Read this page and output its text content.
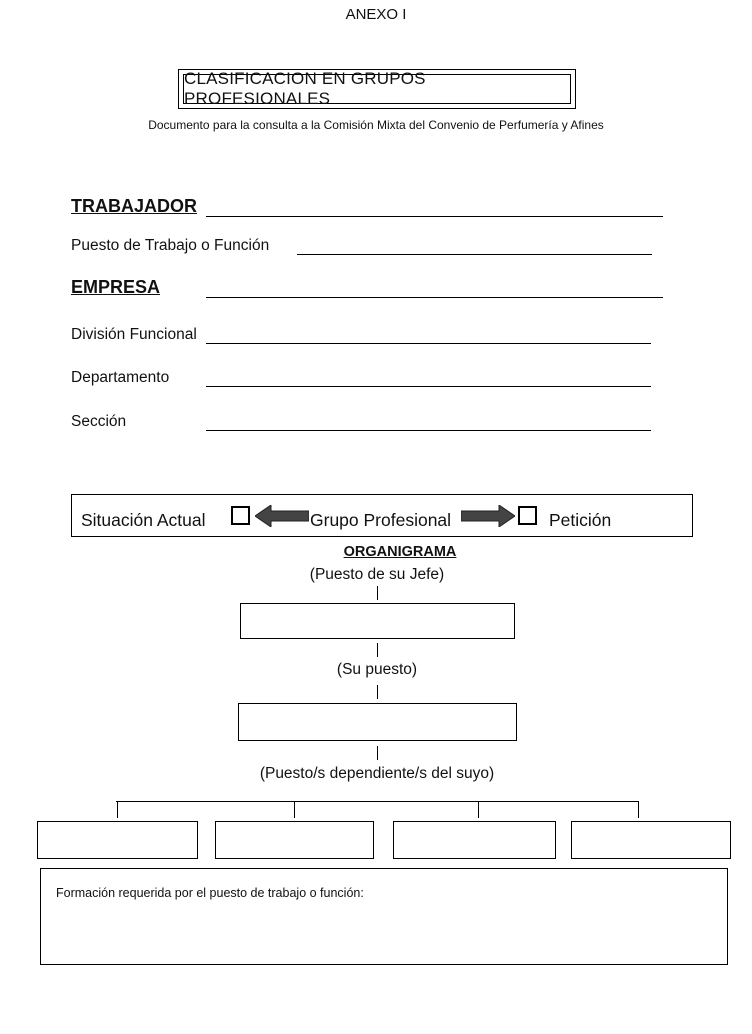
ANEXO I
CLASIFICACION EN GRUPOS PROFESIONALES
Documento para la consulta a la Comisión Mixta del Convenio de Perfumería y Afines
TRABAJADOR
Puesto de Trabajo o Función
EMPRESA
División Funcional
Departamento
Sección
Situación Actual	Grupo Profesional	Petición
ORGANIGRAMA
(Puesto de su Jefe)
(Su puesto)
(Puesto/s dependiente/s del suyo)
Formación requerida por el puesto de trabajo o función:
